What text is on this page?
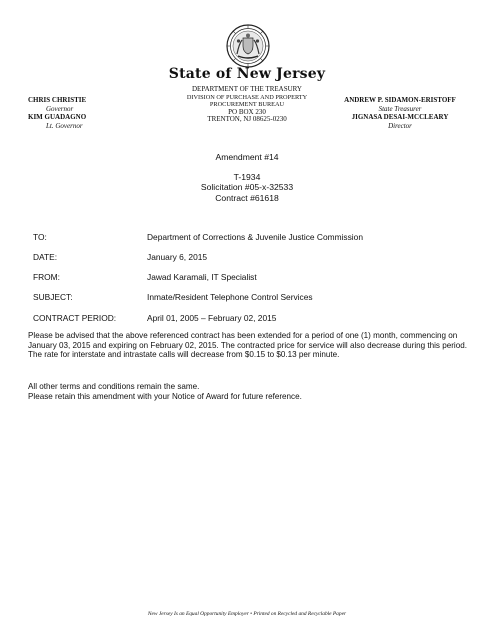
State of New Jersey
DEPARTMENT OF THE TREASURY
DIVISION OF PURCHASE AND PROPERTY
PROCUREMENT BUREAU
PO BOX 230
TRENTON, NJ 08625-0230
CHRIS CHRISTIE
Governor
KIM GUADAGNO
Lt. Governor
ANDREW P. SIDAMON-ERISTOFF
State Treasurer
JIGNASA DESAI-MCCLEARY
Director
Amendment #14
T-1934
Solicitation #05-x-32533
Contract #61618
TO:	Department of Corrections & Juvenile Justice Commission
DATE:	January 6, 2015
FROM:	Jawad Karamali, IT Specialist
SUBJECT:	Inmate/Resident Telephone Control Services
CONTRACT PERIOD:	April 01, 2005 – February 02, 2015
Please be advised that the above referenced contract has been extended for a period of one (1) month, commencing on January 03, 2015 and expiring on February 02, 2015. The contracted price for service will also decrease during this period. The rate for interstate and intrastate calls will decrease from $0.15 to $0.13 per minute.
All other terms and conditions remain the same.
Please retain this amendment with your Notice of Award for future reference.
New Jersey Is an Equal Opportunity Employer • Printed on Recycled and Recyclable Paper
